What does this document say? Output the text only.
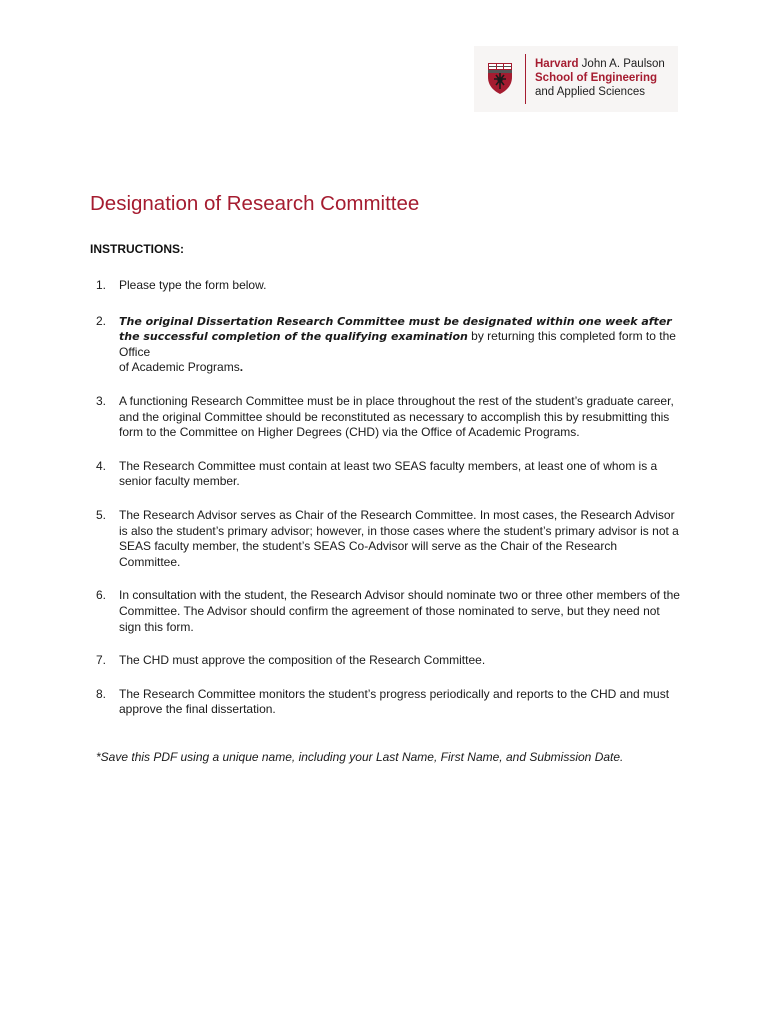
Harvard John A. Paulson
School of Engineering
and Applied Sciences
Designation of Research Committee
INSTRUCTIONS:
1. Please type the form below.
2. The original Dissertation Research Committee must be designated within one week after the successful completion of the qualifying examination by returning this completed form to the Office
of Academic Programs.
3. A functioning Research Committee must be in place throughout the rest of the student’s graduate career, and the original Committee should be reconstituted as necessary to accomplish this by resubmitting this form to the Committee on Higher Degrees (CHD) via the Office of Academic Programs.
4. The Research Committee must contain at least two SEAS faculty members, at least one of whom is a senior faculty member.
5. The Research Advisor serves as Chair of the Research Committee. In most cases, the Research Advisor is also the student’s primary advisor; however, in those cases where the student’s primary advisor is not a SEAS faculty member, the student’s SEAS Co-Advisor will serve as the Chair of the Research Committee.
6. In consultation with the student, the Research Advisor should nominate two or three other members of the Committee. The Advisor should confirm the agreement of those nominated to serve, but they need not sign this form.
7. The CHD must approve the composition of the Research Committee.
8. The Research Committee monitors the student’s progress periodically and reports to the CHD and must approve the final dissertation.
*Save this PDF using a unique name, including your Last Name, First Name, and Submission Date.
